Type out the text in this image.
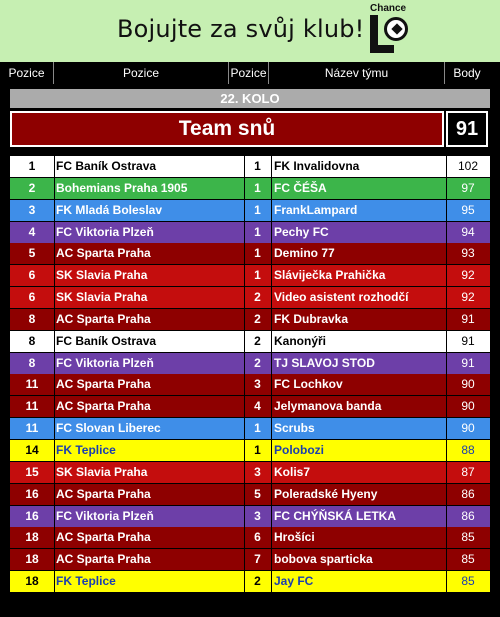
Bojujte za svůj klub!
Chance
Pozice	Pozice	Pozice	Název týmu	Body
22. KOLO
Team snů	91
1	FC Baník Ostrava	1	FK Invalidovna	102
2	Bohemians Praha 1905	1	FC ČÉŠA	97
3	FK Mladá Boleslav	1	FrankLampard	95
4	FC Viktoria Plzeň	1	Pechy FC	94
5	AC Sparta Praha	1	Demino 77	93
6	SK Slavia Praha	1	Sláviječka Prahička	92
6	SK Slavia Praha	2	Video asistent rozhodčí	92
8	AC Sparta Praha	2	FK Dubravka	91
8	FC Baník Ostrava	2	Kanonýři	91
8	FC Viktoria Plzeň	2	TJ SLAVOJ STOD	91
11	AC Sparta Praha	3	FC Lochkov	90
11	AC Sparta Praha	4	Jelymanova banda	90
11	FC Slovan Liberec	1	Scrubs	90
14	FK Teplice	1	Polobozi	88
15	SK Slavia Praha	3	Kolis7	87
16	AC Sparta Praha	5	Poleradské Hyeny	86
16	FC Viktoria Plzeň	3	FC CHÝŇSKÁ LETKA	86
18	AC Sparta Praha	6	Hrošíci	85
18	AC Sparta Praha	7	bobova sparticka	85
18	FK Teplice	2	Jay FC	85
